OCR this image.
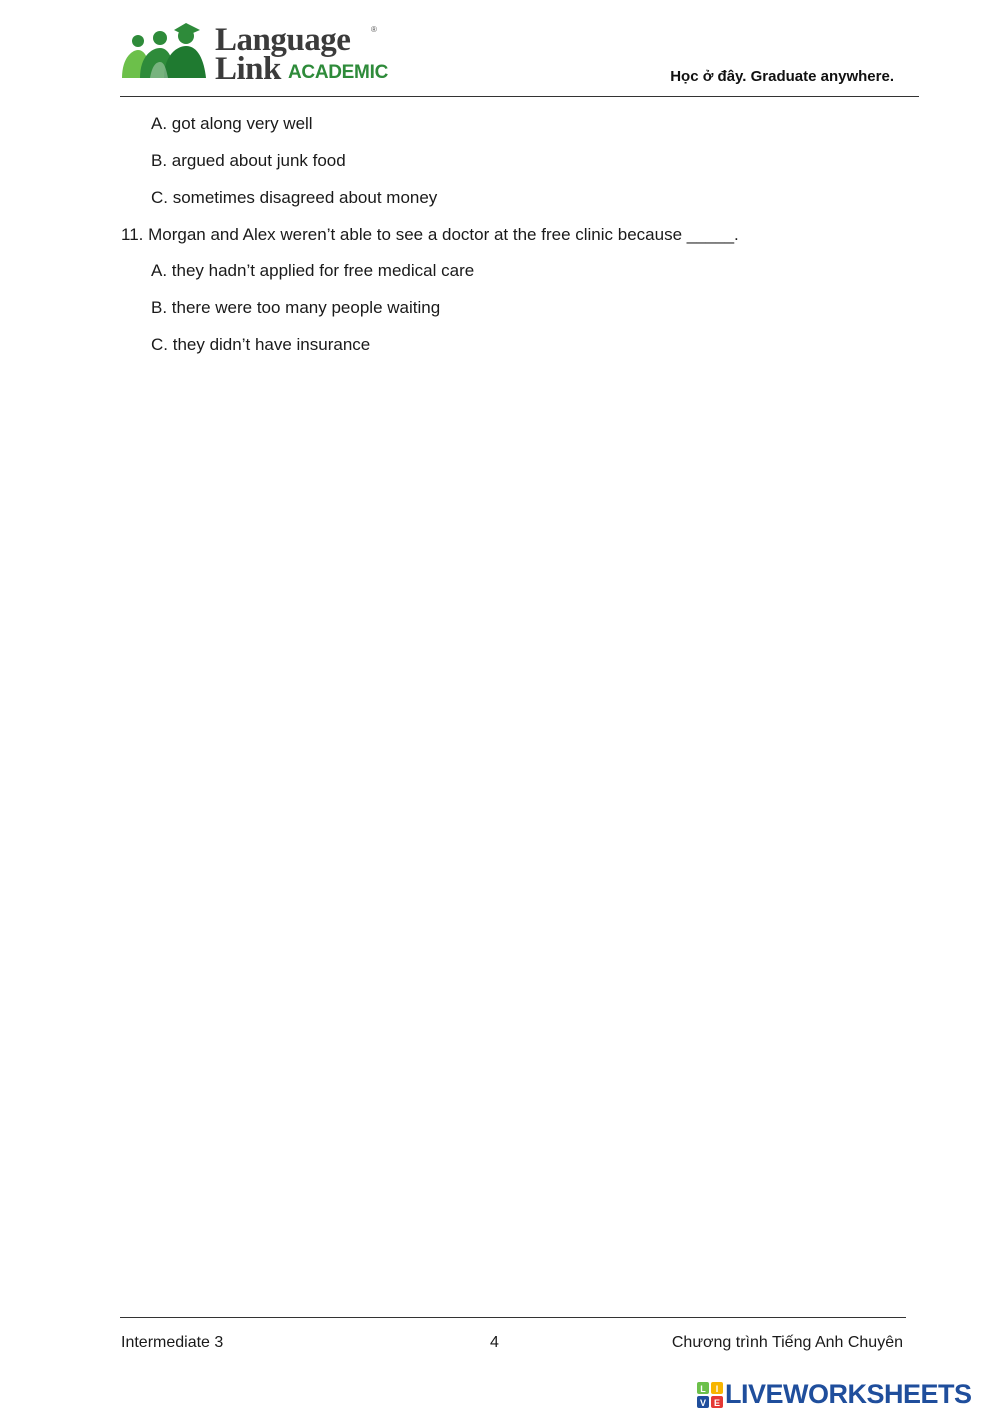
Language	®
Link ACADEMIC	Học ở đây. Graduate anywhere.
A. got along very well
B. argued about junk food
C. sometimes disagreed about money
11. Morgan and Alex weren’t able to see a doctor at the free clinic because _____.
A. they hadn’t applied for free medical care
B. there were too many people waiting
C. they didn’t have insurance
Intermediate 3	4	Chương trình Tiếng Anh Chuyên
L I
V E LIVEWORKSHEETS
